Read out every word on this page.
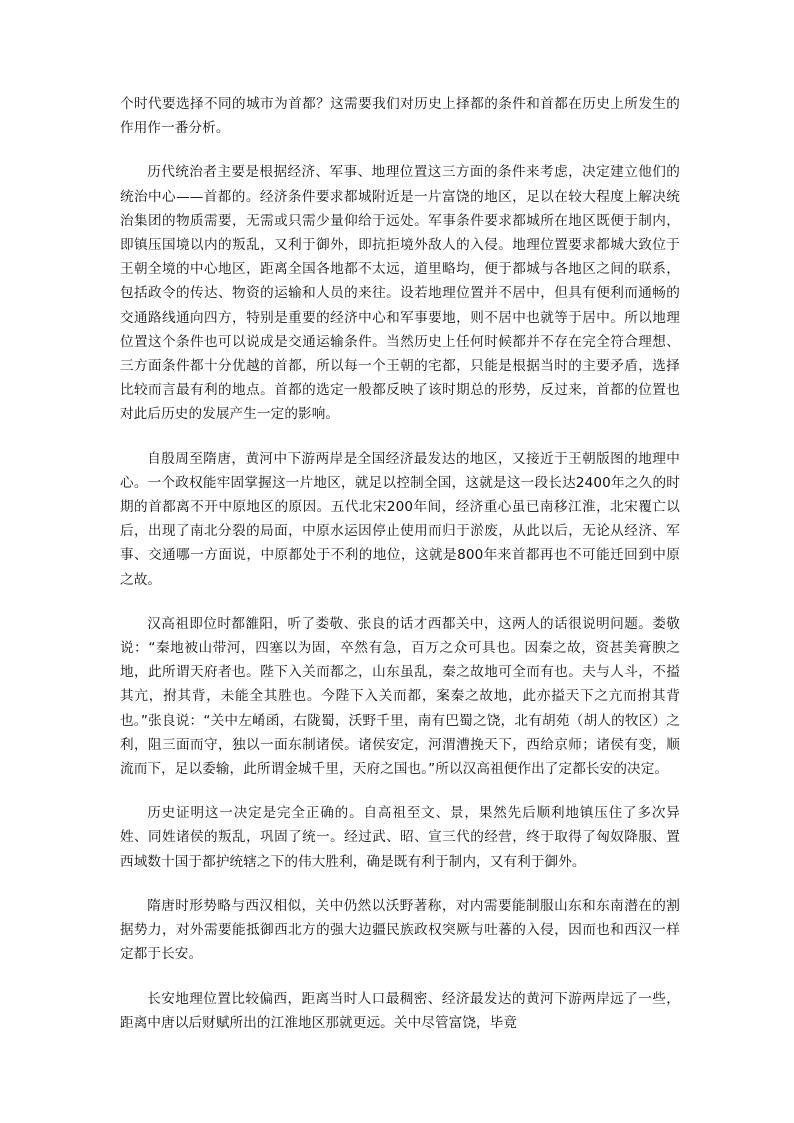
个时代要选择不同的城市为首都？这需要我们对历史上择都的条件和首都在历史上所发生的作用作一番分析。

历代统治者主要是根据经济、军事、地理位置这三方面的条件来考虑，决定建立他们的统治中心——首都的。经济条件要求都城附近是一片富饶的地区，足以在较大程度上解决统治集团的物质需要，无需或只需少量仰给于远处。军事条件要求都城所在地区既便于制内，即镇压国境以内的叛乱，又利于御外，即抗拒境外敌人的入侵。地理位置要求都城大致位于王朝全境的中心地区，距离全国各地都不太远，道里略均，便于都城与各地区之间的联系，包括政令的传达、物资的运输和人员的来往。设若地理位置并不居中，但具有便利而通畅的交通路线通向四方，特别是重要的经济中心和军事要地，则不居中也就等于居中。所以地理位置这个条件也可以说成是交通运输条件。当然历史上任何时候都并不存在完全符合理想、三方面条件都十分优越的首都，所以每一个王朝的宅都，只能是根据当时的主要矛盾，选择比较而言最有利的地点。首都的选定一般都反映了该时期总的形势，反过来，首都的位置也对此后历史的发展产生一定的影响。

自殷周至隋唐，黄河中下游两岸是全国经济最发达的地区，又接近于王朝版图的地理中心。一个政权能牢固掌握这一片地区，就足以控制全国，这就是这一段长达2400年之久的时期的首都离不开中原地区的原因。五代北宋200年间，经济重心虽已南移江淮，北宋覆亡以后，出现了南北分裂的局面，中原水运因停止使用而归于淤废，从此以后，无论从经济、军事、交通哪一方面说，中原都处于不利的地位，这就是800年来首都再也不可能迁回到中原之故。

汉高祖即位时都雒阳，听了娄敬、张良的话才西都关中，这两人的话很说明问题。娄敬说：“秦地被山带河，四塞以为固，卒然有急，百万之众可具也。因秦之故，资甚美膏腴之地，此所谓天府者也。陛下入关而都之，山东虽乱，秦之故地可全而有也。夫与人斗，不搤其亢，拊其背，未能全其胜也。今陛下入关而都，案秦之故地，此亦搤天下之亢而拊其背也。”张良说：“关中左崤函，右陇蜀，沃野千里，南有巴蜀之饶，北有胡苑（胡人的牧区）之利，阻三面而守，独以一面东制诸侯。诸侯安定，河渭漕挽天下，西给京师；诸侯有变，顺流而下，足以委输，此所谓金城千里，天府之国也。”所以汉高祖便作出了定都长安的决定。

历史证明这一决定是完全正确的。自高祖至文、景，果然先后顺利地镇压住了多次异姓、同姓诸侯的叛乱，巩固了统一。经过武、昭、宣三代的经营，终于取得了匈奴降服、置西域数十国于都护统辖之下的伟大胜利，确是既有利于制内，又有利于御外。

隋唐时形势略与西汉相似，关中仍然以沃野著称，对内需要能制服山东和东南潜在的割据势力，对外需要能抵御西北方的强大边疆民族政权突厥与吐蕃的入侵，因而也和西汉一样定都于长安。

长安地理位置比较偏西，距离当时人口最稠密、经济最发达的黄河下游两岸远了一些，距离中唐以后财赋所出的江淮地区那就更远。关中尽管富饶，毕竟
